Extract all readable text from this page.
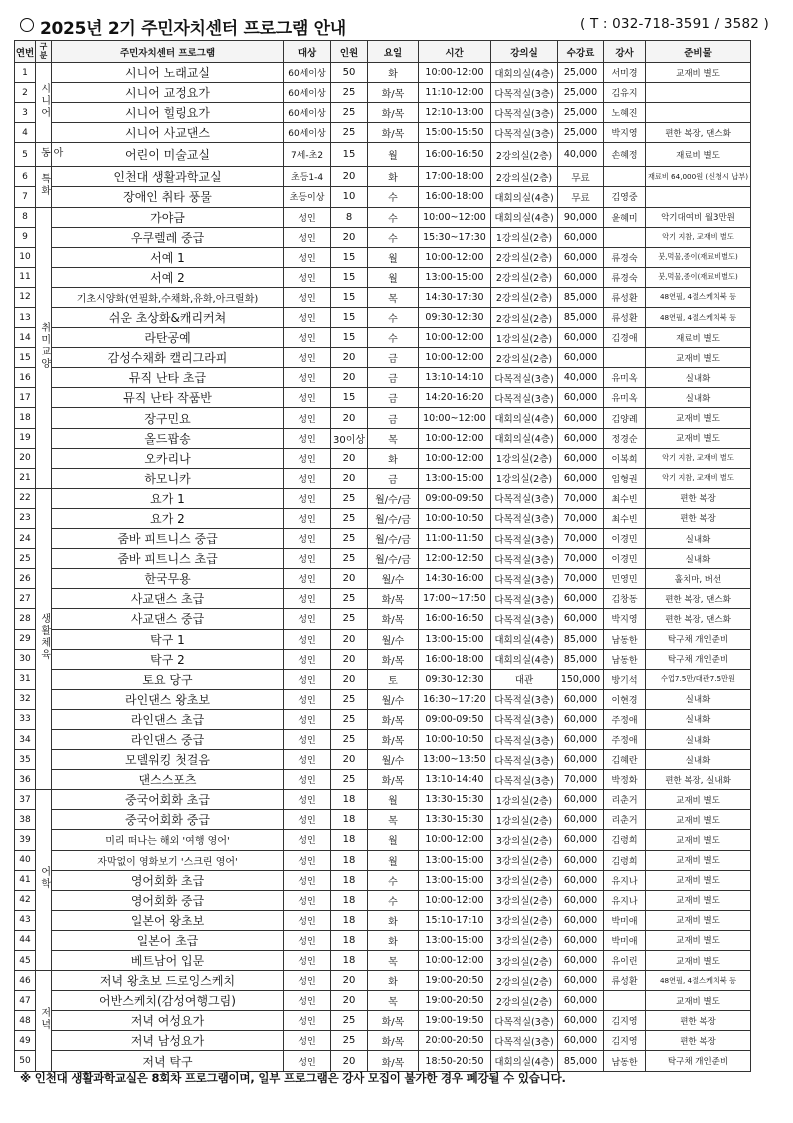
2025년 2기 주민자치센터 프로그램 안내	( T : 032-718-3591 / 3582 )
연번	구분	주민자치센터 프로그램	대상	인원	요일	시간	강의실	수강료	강사	준비물
1	시니어	시니어 노래교실	60세이상	50	화	10:00-12:00	대회의실(4층)	25,000	서미경	교재비 별도
2		시니어 교정요가	60세이상	25	화/목	11:10-12:00	다목적실(3층)	25,000	김유지	
3		시니어 힐링요가	60세이상	25	화/목	12:10-13:00	다목적실(3층)	25,000	노혜진	
4		시니어 사교댄스	60세이상	25	화/목	15:00-15:50	다목적실(3층)	25,000	박지영	편한 복장, 댄스화
5	아동	어린이 미술교실	7세-초2	15	월	16:00-16:50	2강의실(2층)	40,000	손혜정	재료비 별도
6	특화	인천대 생활과학교실	초등1-4	20	화	17:00-18:00	2강의실(2층)	무료		재료비 64,000원 (신청시 납부)
7		장애인 취타 풍물	초등이상	10	수	16:00-18:00	대회의실(4층)	무료	김영중	
8	취미교양	가야금	성인	8	수	10:00~12:00	대회의실(4층)	90,000	윤혜미	악기대여비 월3만원
9		우쿠렐레 중급	성인	20	수	15:30~17:30	1강의실(2층)	60,000		악기 지참, 교재비 별도
10		서예 1	성인	15	월	10:00-12:00	2강의실(2층)	60,000	류경숙	붓,먹물,종이(재료비별도)
11		서예 2	성인	15	월	13:00-15:00	2강의실(2층)	60,000	류경숙	붓,먹물,종이(재료비별도)
12		기초시양화(연필화,수채화,유화,아크릴화)	성인	15	목	14:30-17:30	2강의실(2층)	85,000	류성환	48연필, 4절스케치북 등
13		쉬운 초상화&캐리커쳐	성인	15	수	09:30-12:30	2강의실(2층)	85,000	류성환	48연필, 4절스케치북 등
14		라탄공예	성인	15	수	10:00-12:00	1강의실(2층)	60,000	김경애	재료비 별도
15		감성수채화 캘리그라피	성인	20	금	10:00-12:00	2강의실(2층)	60,000		교재비 별도
16		뮤직 난타 초급	성인	20	금	13:10-14:10	다목적실(3층)	40,000	유미옥	실내화
17		뮤직 난타 작품반	성인	15	금	14:20-16:20	다목적실(3층)	60,000	유미옥	실내화
18		장구민요	성인	20	금	10:00~12:00	대회의실(4층)	60,000	김양례	교재비 별도
19		올드팝송	성인	30이상	목	10:00-12:00	대회의실(4층)	60,000	정경순	교재비 별도
20		오카리나	성인	20	화	10:00-12:00	1강의실(2층)	60,000	이복희	악기 지참, 교재비 별도
21		하모니카	성인	20	금	13:00-15:00	1강의실(2층)	60,000	임형권	악기 지참, 교재비 별도
22	생활체육	요가 1	성인	25	월/수/금	09:00-09:50	다목적실(3층)	70,000	최수빈	편한 복장
23		요가 2	성인	25	월/수/금	10:00-10:50	다목적실(3층)	70,000	최수빈	편한 복장
24		줌바 피트니스 중급	성인	25	월/수/금	11:00-11:50	다목적실(3층)	70,000	이경민	실내화
25		줌바 피트니스 초급	성인	25	월/수/금	12:00-12:50	다목적실(3층)	70,000	이경민	실내화
26		한국무용	성인	20	월/수	14:30-16:00	다목적실(3층)	70,000	민영민	훌치마, 버선
27		사교댄스 초급	성인	25	화/목	17:00~17:50	다목적실(3층)	60,000	김창동	편한 복장, 댄스화
28		사교댄스 중급	성인	25	화/목	16:00-16:50	다목적실(3층)	60,000	박지영	편한 복장, 댄스화
29		탁구 1	성인	20	월/수	13:00-15:00	대회의실(4층)	85,000	남동한	탁구채 개인준비
30		탁구 2	성인	20	화/목	16:00-18:00	대회의실(4층)	85,000	남동한	탁구채 개인준비
31		토요 당구	성인	20	토	09:30-12:30	대관	150,000	방기석	수업7.5만/대관7.5만원
32		라인댄스 왕초보	성인	25	월/수	16:30~17:20	다목적실(3층)	60,000	이현경	실내화
33		라인댄스 초급	성인	25	화/목	09:00-09:50	다목적실(3층)	60,000	주정애	실내화
34		라인댄스 중급	성인	25	화/목	10:00-10:50	다목적실(3층)	60,000	주정애	실내화
35		모델워킹 첫걸음	성인	20	월/수	13:00~13:50	다목적실(3층)	60,000	김혜란	실내화
36		댄스스포츠	성인	25	화/목	13:10-14:40	다목적실(3층)	70,000	박정화	편한 복장, 실내화
37	어학	중국어회화 초급	성인	18	월	13:30-15:30	1강의실(2층)	60,000	리춘거	교재비 별도
38		중국어회화 중급	성인	18	목	13:30-15:30	1강의실(2층)	60,000	리춘거	교재비 별도
39		미리 떠나는 해외 '여행 영어'	성인	18	월	10:00-12:00	3강의실(2층)	60,000	김령희	교재비 별도
40		자막없이 영화보기 '스크린 영어'	성인	18	월	13:00-15:00	3강의실(2층)	60,000	김령희	교재비 별도
41		영어회화 초급	성인	18	수	13:00-15:00	3강의실(2층)	60,000	유지나	교재비 별도
42		영어회화 중급	성인	18	수	10:00-12:00	3강의실(2층)	60,000	유지나	교재비 별도
43		일본어 왕초보	성인	18	화	15:10-17:10	3강의실(2층)	60,000	박미애	교재비 별도
44		일본어 초급	성인	18	화	13:00-15:00	3강의실(2층)	60,000	박미애	교재비 별도
45		베트남어 입문	성인	18	목	10:00-12:00	3강의실(2층)	60,000	유이린	교재비 별도
46	저녁	저녁 왕초보 드로잉스케치	성인	20	화	19:00-20:50	2강의실(2층)	60,000	류성환	48연필, 4절스케치북 등
47		어반스케치(감성여행그림)	성인	20	목	19:00-20:50	2강의실(2층)	60,000		교재비 별도
48		저녁 여성요가	성인	25	화/목	19:00-19:50	다목적실(3층)	60,000	김지영	편한 복장
49		저녁 남성요가	성인	25	화/목	20:00-20:50	다목적실(3층)	60,000	김지영	편한 복장
50		저녁 탁구	성인	20	화/목	18:50-20:50	대회의실(4층)	85,000	남동한	탁구채 개인준비
※ 인천대 생활과학교실은 8회차 프로그램이며, 일부 프로그램은 강사 모집이 불가한 경우 폐강될 수 있습니다.
